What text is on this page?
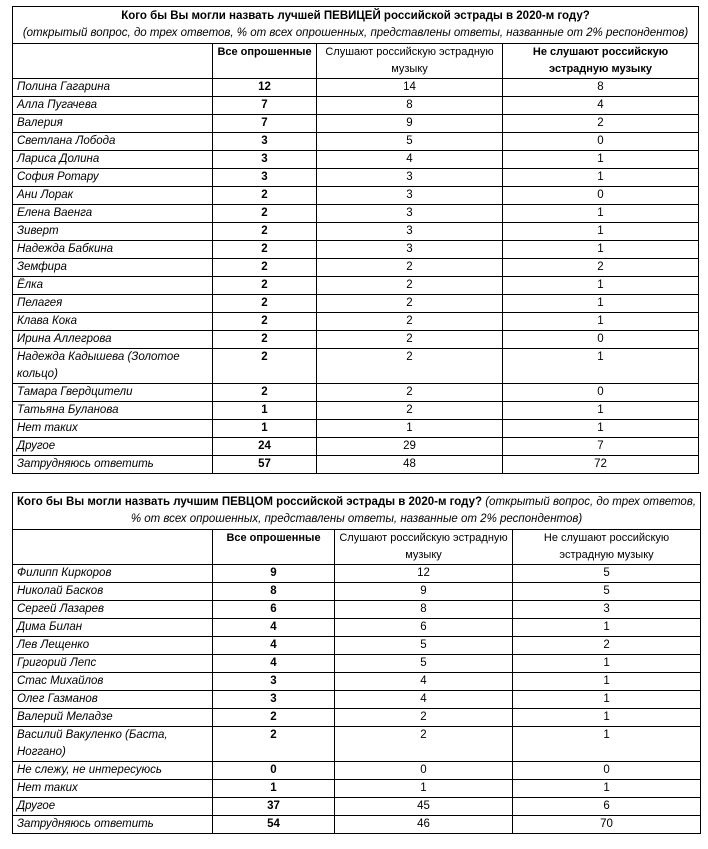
Кого бы Вы могли назвать лучшей ПЕВИЦЕЙ российской эстрады в 2020-м году?
(открытый вопрос, до трех ответов, % от всех опрошенных, представлены ответы, названные от 2% респондентов)			

	Все опрошенные	Слушают российскую эстрадную музыку	Не слушают российскую эстрадную музыку
Полина Гагарина	12	14	8
Алла Пугачева	7	8	4
Валерия	7	9	2
Светлана Лобода	3	5	0
Лариса Долина	3	4	1
София Ротару	3	3	1
Ани Лорак	2	3	0
Елена Ваенга	2	3	1
Зиверт	2	3	1
Надежда Бабкина	2	3	1
Земфира	2	2	2
Ёлка	2	2	1
Пелагея	2	2	1
Клава Кока	2	2	1
Ирина Аллегрова	2	2	0
Надежда Кадышева (Золотое кольцо)	2	2	1
Тамара Гвердцители	2	2	0
Татьяна Буланова	1	2	1
Нет таких	1	1	1
Другое	24	29	7
Затрудняюсь ответить	57	48	72
Кого бы Вы могли назвать лучшим ПЕВЦОМ российской эстрады в 2020-м году? (открытый вопрос, до трех ответов,
% от всех опрошенных, представлены ответы, названные от 2% респондентов)			

	Все опрошенные	Слушают российскую эстрадную музыку	Не слушают российскую эстрадную музыку
Филипп Киркоров	9	12	5
Николай Басков	8	9	5
Сергей Лазарев	6	8	3
Дима Билан	4	6	1
Лев Лещенко	4	5	2
Григорий Лепс	4	5	1
Стас Михайлов	3	4	1
Олег Газманов	3	4	1
Валерий Меладзе	2	2	1
Василий Вакуленко (Баста, Ноггано)	2	2	1
Не слежу, не интересуюсь	0	0	0
Нет таких	1	1	1
Другое	37	45	6
Затрудняюсь ответить	54	46	70
